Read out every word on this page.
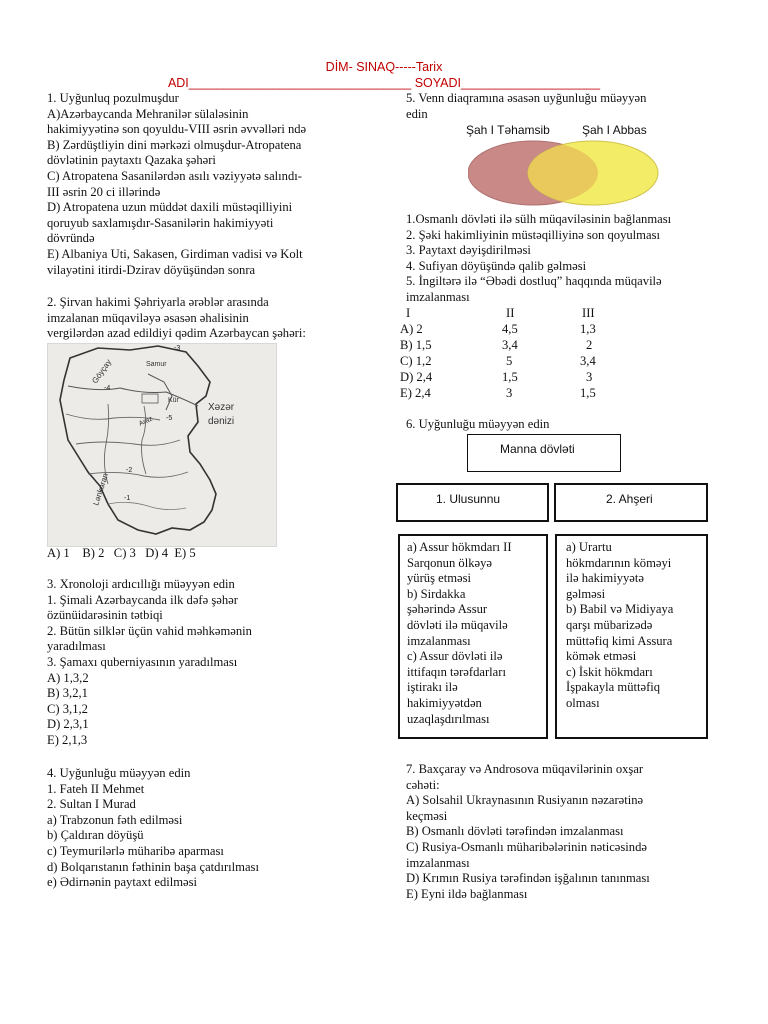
DİM- SINAQ-----Tarix
ADI________________________________ SOYADI____________________
1. Uyğunluq pozulmuşdur
A)Azərbaycanda Mehranilər sülaləsinin
hakimiyyətinə son qoyuldu-VIII əsrin əvvəlləri ndə
B) Zərdüştliyin dini mərkəzi olmuşdur-Atropatena
dövlətinin paytaxtı Qazaka şəhəri
C) Atropatena Sasanilərdən asılı vəziyyətə salındı-
III əsrin 20 ci illərində
D) Atropatena uzun müddət daxili müstəqilliyini
qoruyub saxlamışdır-Sasanilərin hakimiyyəti
dövründə
E) Albaniya Uti, Sakasen, Girdiman vadisi və Kolt
vilayətini itirdi-Dzirav döyüşündən sonra
2. Şirvan hakimi Şəhriyarla ərəblər arasında
imzalanan müqaviləyə əsasən əhalisinin
vergilərdən azad edildiyi qədim Azərbaycan şəhəri:
Samur
Göyçay
Kür
Araz
Xəzər
dənizi
Lənkəran
-3
-4
-5
-2
-1
A) 1    B) 2   C) 3   D) 4  E) 5
3. Xronoloji ardıcıllığı müəyyən edin
1. Şimali Azərbaycanda ilk dəfə şəhər
özünüidarəsinin tətbiqi
2. Bütün silklər üçün vahid məhkəmənin
yaradılması
3. Şamaxı quberniyasının yaradılması
A) 1,3,2
B) 3,2,1
C) 3,1,2
D) 2,3,1
E) 2,1,3
4. Uyğunluğu müəyyən edin
1. Fateh II Mehmet
2. Sultan I Murad
a) Trabzonun fəth edilməsi
b) Çaldıran döyüşü
c) Teymurilərlə müharibə aparması
d) Bolqarıstanın fəthinin başa çatdırılması
e) Ədirnənin paytaxt edilməsi
5. Venn diaqramına əsasən uyğunluğu müəyyən
edin
Şah I Təhamsib	Şah I Abbas
1.Osmanlı dövləti ilə sülh müqaviləsinin bağlanması
2. Şəki hakimliyinin müstəqilliyinə son qoyulması
3. Paytaxt dəyişdirilməsi
4. Sufiyan döyüşündə qalib gəlməsi
5. İngiltərə ilə “Əbədi dostluq” haqqında müqavilə
imzalanması
I	II	III
A) 2	4,5	1,3
B) 1,5	3,4	2
C) 1,2	5	3,4
D) 2,4	1,5	3
E) 2,4	3	1,5
6. Uyğunluğu müəyyən edin
Manna dövləti
1. Ulusunnu	2. Ahşeri
a) Assur hökmdarı II
Sarqonun ölkəyə
yürüş etməsi
b) Sirdakka
şəhərində Assur
dövləti ilə müqavilə
imzalanması
c) Assur dövləti ilə
ittifaqın tərəfdarları
iştirakı ilə
hakimiyyətdən
uzaqlaşdırılması
a) Urartu
hökmdarının köməyi
ilə hakimiyyətə
gəlməsi
b) Babil və Midiyaya
qarşı mübarizədə
müttəfiq kimi Assura
kömək etməsi
c) İskit hökmdarı
İşpakayla müttəfiq
olması
7. Baxçaray və Androsova müqavilərinin oxşar
cəhəti:
A) Solsahil Ukraynasının Rusiyanın nəzarətinə
keçməsi
B) Osmanlı dövləti tərəfindən imzalanması
C) Rusiya-Osmanlı müharibələrinin nəticəsində
imzalanması
D) Krımın Rusiya tərəfindən işğalının tanınması
E) Eyni ildə bağlanması
